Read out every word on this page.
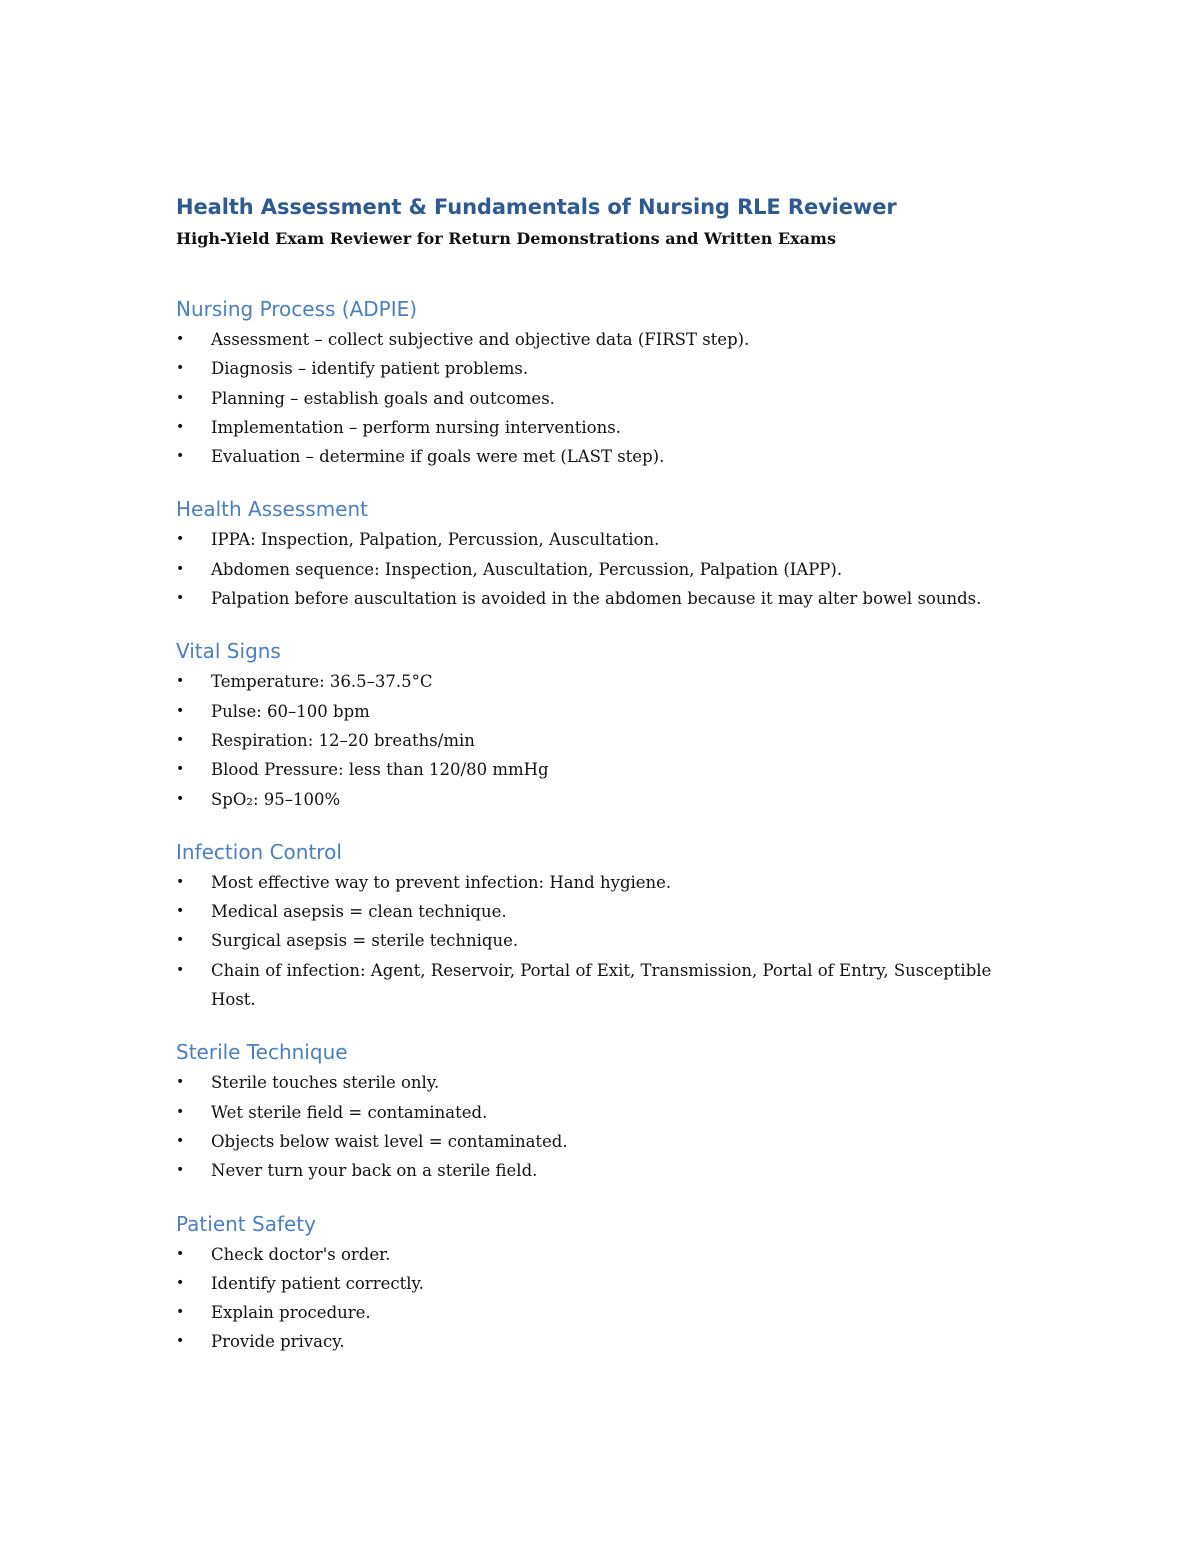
Health Assessment & Fundamentals of Nursing RLE Reviewer

High-Yield Exam Reviewer for Return Demonstrations and Written Exams

Nursing Process (ADPIE)
• Assessment – collect subjective and objective data (FIRST step).
• Diagnosis – identify patient problems.
• Planning – establish goals and outcomes.
• Implementation – perform nursing interventions.
• Evaluation – determine if goals were met (LAST step).
Health Assessment
• IPPA: Inspection, Palpation, Percussion, Auscultation.
• Abdomen sequence: Inspection, Auscultation, Percussion, Palpation (IAPP).
• Palpation before auscultation is avoided in the abdomen because it may alter bowel sounds.
Vital Signs
• Temperature: 36.5–37.5°C
• Pulse: 60–100 bpm
• Respiration: 12–20 breaths/min
• Blood Pressure: less than 120/80 mmHg
• SpO₂: 95–100%
Infection Control
• Most effective way to prevent infection: Hand hygiene.
• Medical asepsis = clean technique.
• Surgical asepsis = sterile technique.
• Chain of infection: Agent, Reservoir, Portal of Exit, Transmission, Portal of Entry, Susceptible Host.
Sterile Technique
• Sterile touches sterile only.
• Wet sterile field = contaminated.
• Objects below waist level = contaminated.
• Never turn your back on a sterile field.
Patient Safety
• Check doctor's order.
• Identify patient correctly.
• Explain procedure.
• Provide privacy.
